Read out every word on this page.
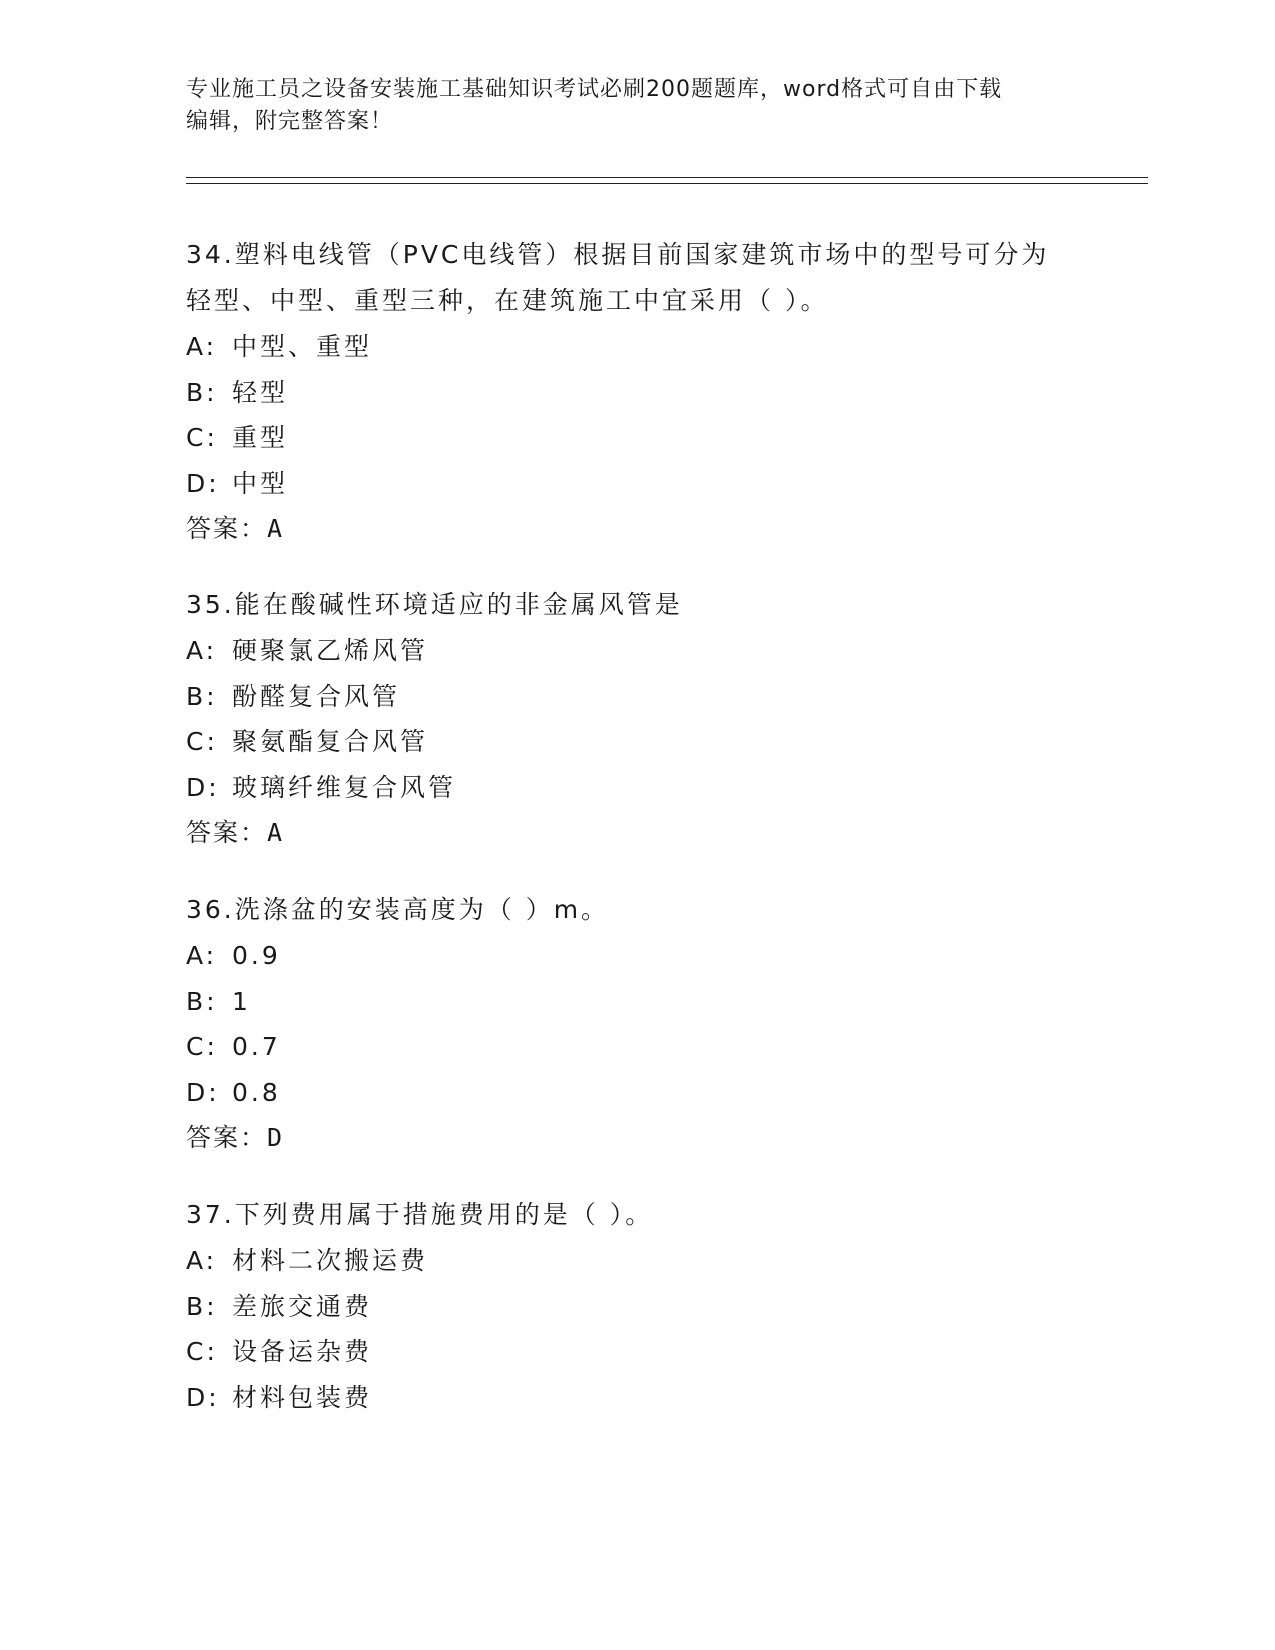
专业施工员之设备安装施工基础知识考试必刷200题题库，word格式可自由下载
编辑，附完整答案！

34.塑料电线管（PVC电线管）根据目前国家建筑市场中的型号可分为

轻型、中型、重型三种，在建筑施工中宜采用（ ）。

A: 中型、重型

B: 轻型

C: 重型

D: 中型

答案：A

35.能在酸碱性环境适应的非金属风管是

A: 硬聚氯乙烯风管

B: 酚醛复合风管

C: 聚氨酯复合风管

D: 玻璃纤维复合风管

答案：A

36.洗涤盆的安装高度为（ ）m。

A: 0.9

B: 1

C: 0.7

D: 0.8

答案：D

37.下列费用属于措施费用的是（ ）。

A: 材料二次搬运费

B: 差旅交通费

C: 设备运杂费

D: 材料包装费
